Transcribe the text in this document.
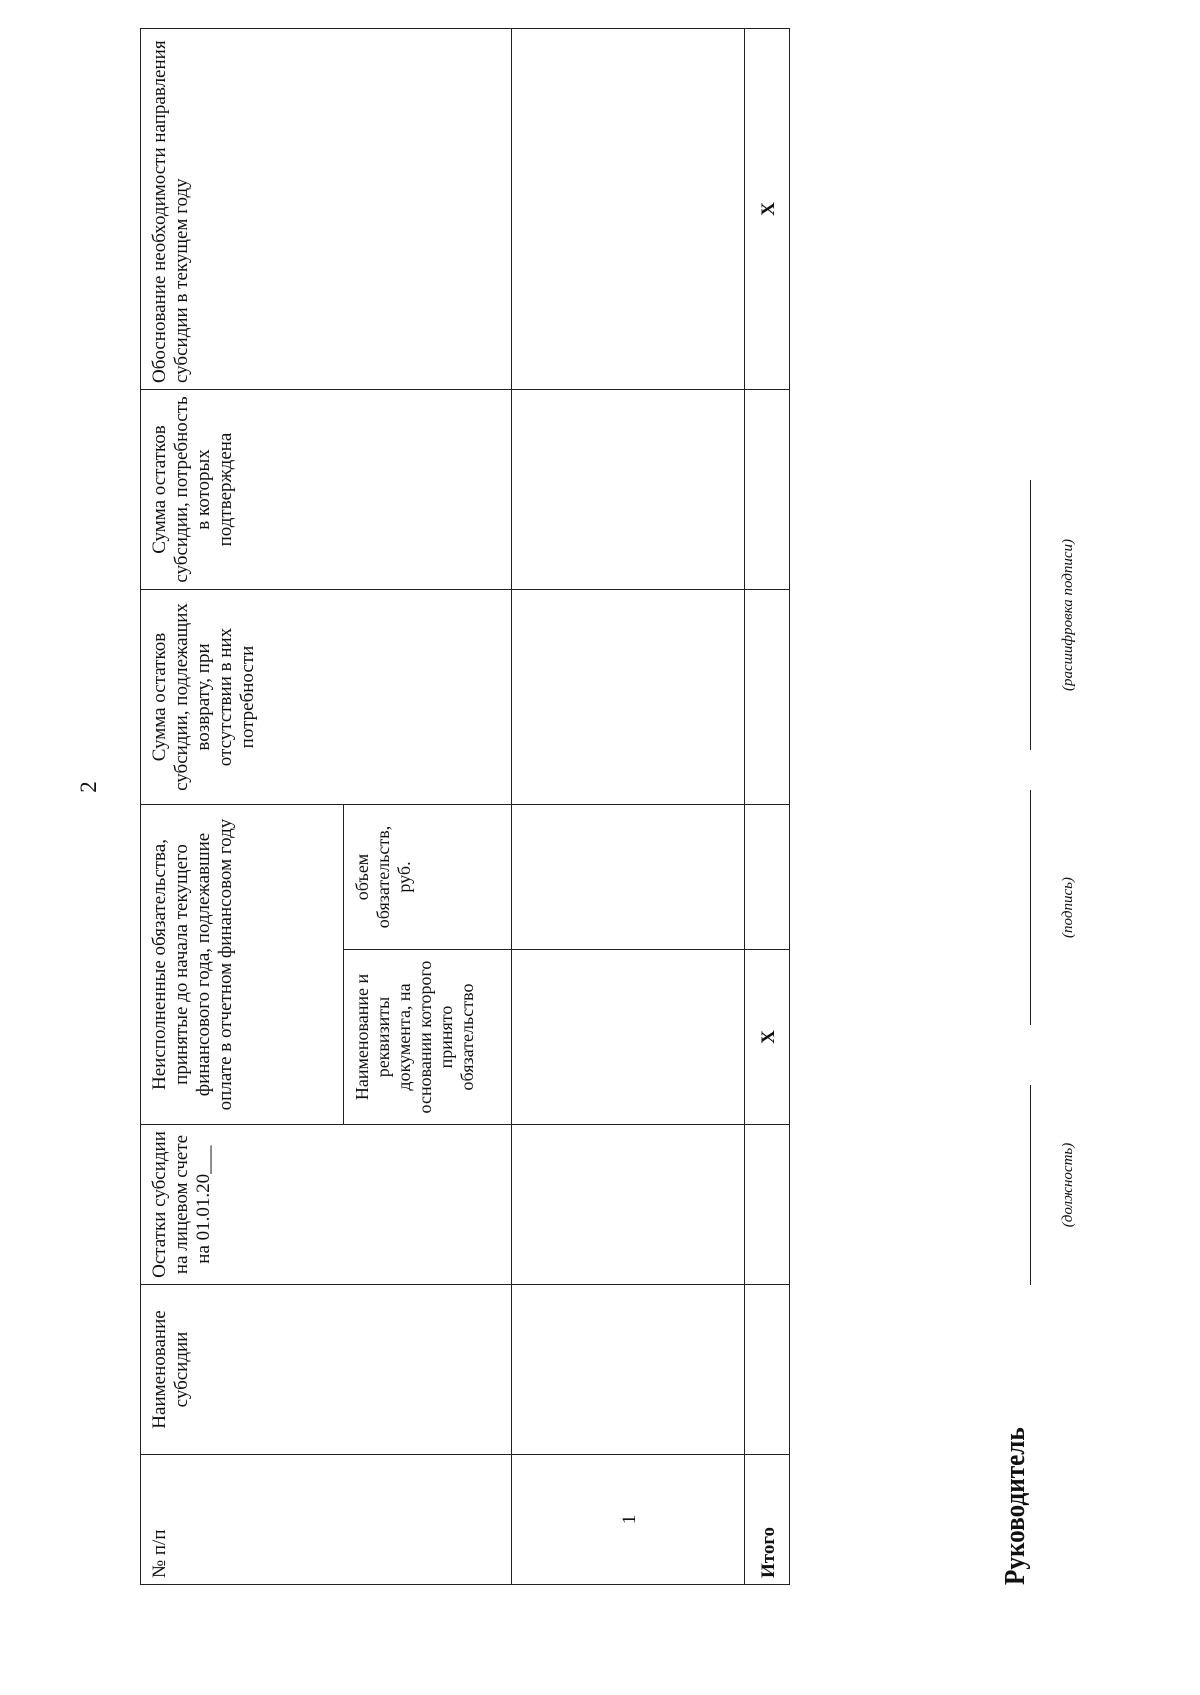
2
№ п/п	Наименование субсидии	Остатки субсидии на лицевом счете на 01.01.20___	Неисполненные обязательства, принятые до начала текущего финансового года, подлежавшие оплате в отчетном финансовом году		Сумма остатков субсидии, подлежащих возврату, при отсутствии в них потребности	Сумма остатков субсидии, потребность в которых подтверждена	Обоснование необходимости направления субсидии в текущем году
			Наименование и реквизиты документа, на основании которого принято обязательство	объем обязательств, руб.			
1							
Итого			X				X
Руководитель
(должность)
(подпись)
(расшифровка подписи)
